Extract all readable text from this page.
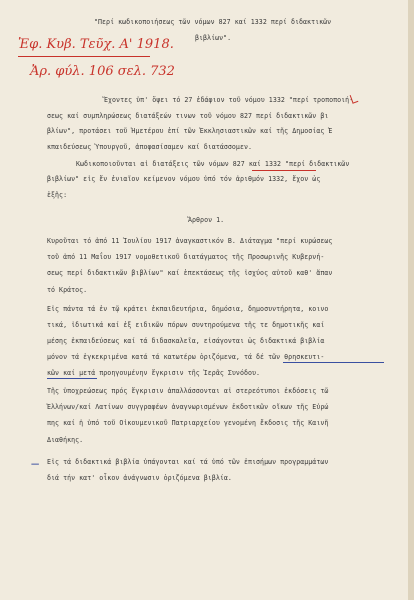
"Περί κωδικοποιήσεως τῶν νόμων 827 καί 1332 περί διδακτικῶν
βιβλίων".
Ἐφ. Κυβ. Τεῦχ. Α' 1918.
Ἀρ. φύλ. 106 σελ. 732
Ἔχοντες ὑπ' ὄψει τό 27 ἐδάφιον τοῦ νόμου 1332 "περί τροποποιή-
σεως καί συμπληρώσεως διατάξεών τινων τοῦ νόμου 827 περί διδακτικῶν βι
βλίων", προτάσει τοῦ Ἡμετέρου ἐπί τῶν Ἐκκλησιαστικῶν καί τῆς Δημοσίας Ἐ
κπαιδεύσεως Ὑπουργοῦ, ἀποφασίσαμεν καί διατάσσομεν.
Κωδικοποιοῦνται αἱ διατάξεις τῶν νόμων 827 καί 1332 "περί διδακτικῶν
βιβλίων" εἰς ἕν ἑνιαῖον κείμενον νόμου ὑπό τόν ἀριθμόν 1332, ἔχον ὡς
ἑξῆς:
Ἄρθρον 1.
Κυροῦται τό ἀπό 11 Ἰουλίου 1917 ἀναγκαστικόν Β. Διάταγμα "περί κυρώσεως
τοῦ ἀπό 11 Μαΐου 1917 νομοθετικοῦ διατάγματος τῆς Προσωρινῆς Κυβερνή-
σεως περί διδακτικῶν βιβλίων" καί ἐπεκτάσεως τῆς ἰσχύος αὐτοῦ καθ' ἅπαν
τό Κράτος.
Εἰς πάντα τά ἐν τῷ κράτει ἐκπαιδευτήρια, δημόσια, δημοσυντήρητα, κοινο
τικά, ἰδιωτικά καί ἐξ ειδικῶν πόρων συντηρούμενα τῆς τε δημοτικῆς καί
μέσης ἐκπαιδεύσεως καί τά διδασκαλεῖα, εἰσάγονται ὡς διδακτικά βιβλία
μόνον τά ἐγκεκριμένα κατά τά κατωτέρω ὁριζόμενα, τά δέ τῶν θρησκευτι-
κῶν καί μετά προηγουμένην ἔγκρισιν τῆς Ἱερᾶς Συνόδου.
Τῆς ὑποχρεώσεως πρός ἔγκρισιν ἀπαλλάσσονται αἱ στερεότυποι ἐκδόσεις τῶ
Ἑλλήνων/καί Λατίνων συγγραφέων ἀναγνωρισμένων ἐκδοτικῶν οἴκων τῆς Εὐρώ
πης καί ἡ ὑπό τοῦ Οἰκουμενικοῦ Πατριαρχείου γενομένη ἔκδοσις τῆς Καινῆ
Διαθήκης.
− Εἰς τά διδακτικά βιβλία ὑπάγονται καί τά ὑπό τῶν ἐπισήμων προγραμμάτων
διά τήν κατ' οἶκον ἀνάγνωσιν ὁριζόμενα βιβλία.
